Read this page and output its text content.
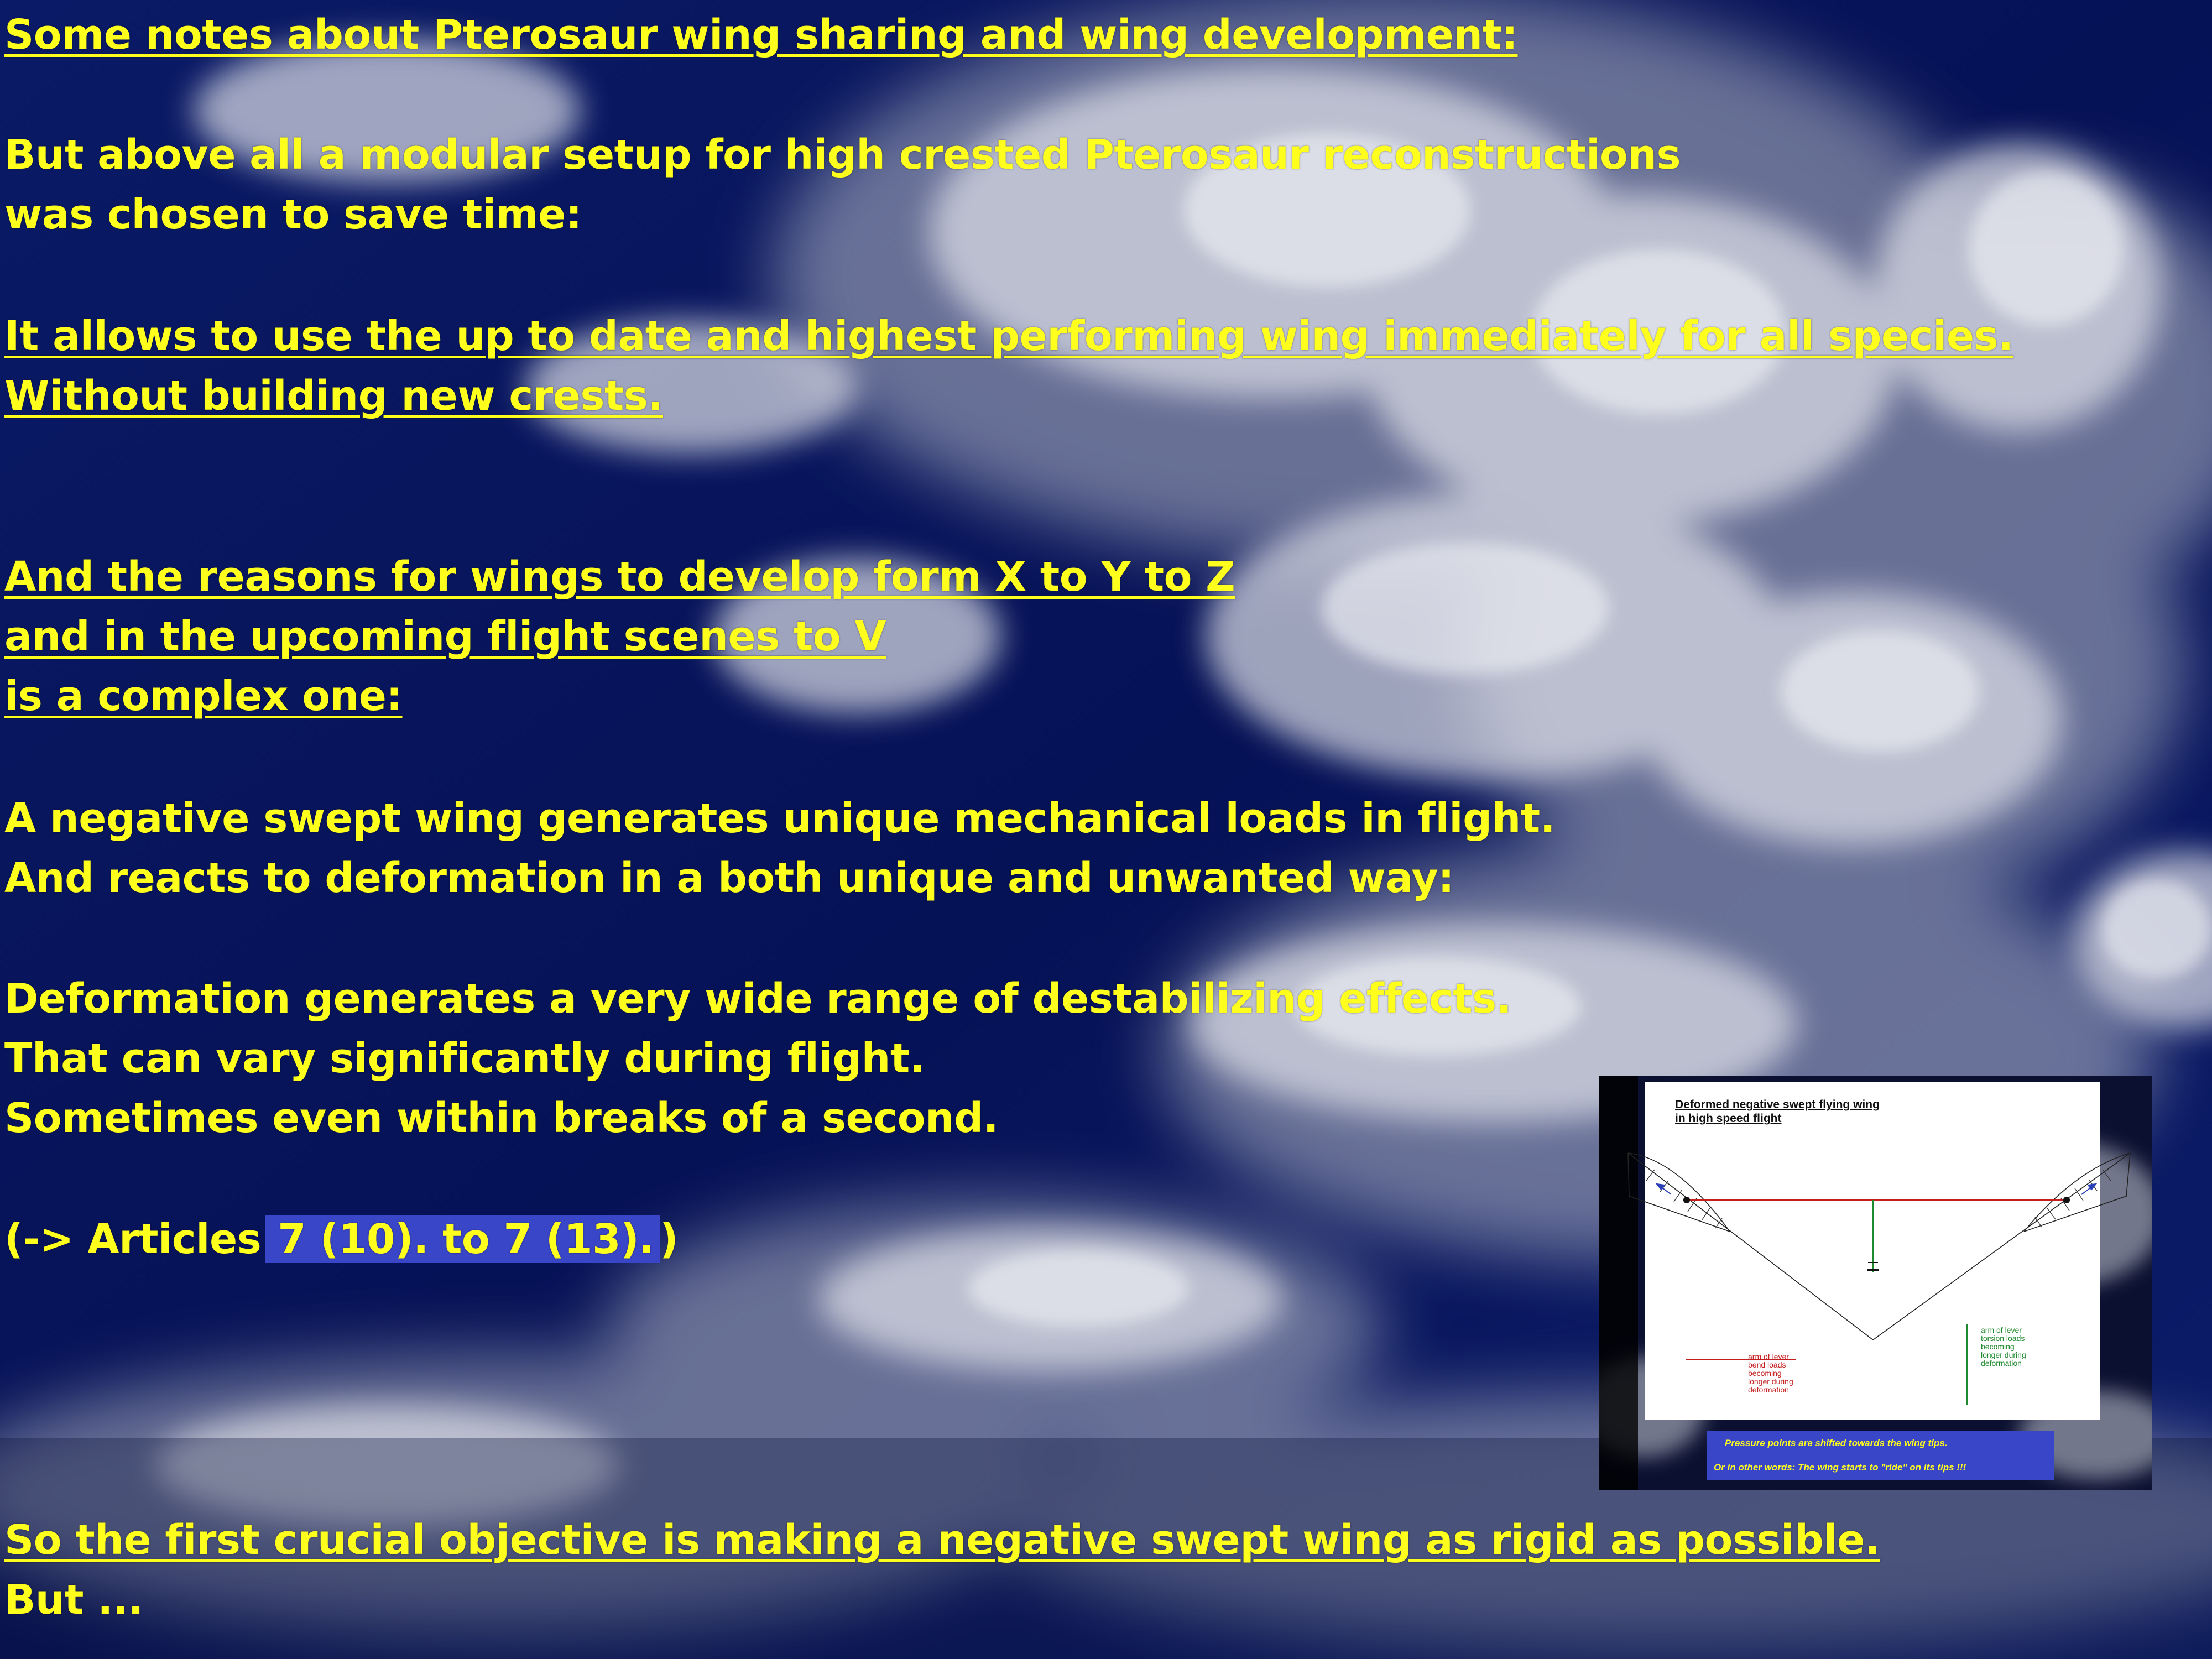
Some notes about Pterosaur wing sharing and wing development:

But above all a modular setup for high crested Pterosaur reconstructions

was chosen to save time:

It allows to use the up to date and highest performing wing immediately for all species.

Without building new crests.

And the reasons for wings to develop form X to Y to Z

and in the upcoming flight scenes to V

is a complex one:

A negative swept wing generates unique mechanical loads in flight.

And reacts to deformation in a both unique and unwanted way:

Deformation generates a very wide range of destabilizing effects.

That can vary significantly during flight.

Sometimes even within breaks of a second.

(-> Articles 7 (10). to 7 (13). )

So the first crucial objective is making a negative swept wing as rigid as possible.

But ...

Deformed negative swept flying wing
in high speed flight
arm of lever
bend loads
becoming
longer during
deformation
arm of lever
torsion loads
becoming
longer during
deformation

Pressure points are shifted towards the wing tips.

Or in other words: The wing starts to "ride" on its tips !!!
